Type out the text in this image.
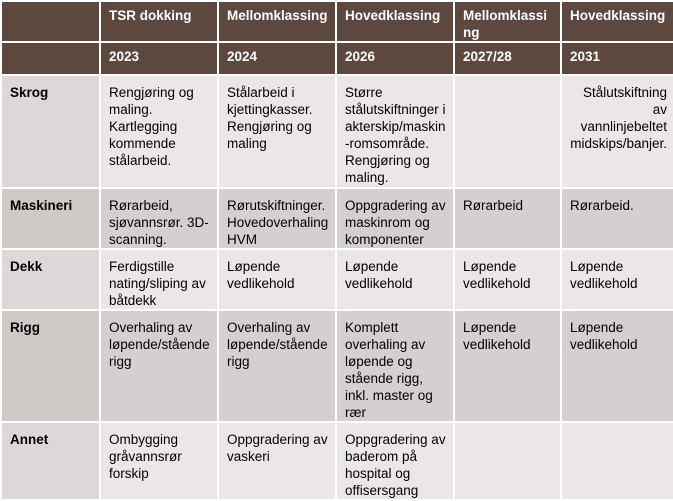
	TSR dokking	Mellomklassing	Hovedklassing	Mellomklassing	Hovedklassing
	2023	2024	2026	2027/28	2031
Skrog	Rengjøring og maling. Kartlegging kommende stålarbeid.	Stålarbeid i kjettingkasser. Rengjøring og maling	Større stålutskiftninger i akterskip/maskin-romsområde. Rengjøring og maling.		Stålutskiftning av vannlinjebeltet midskips/banjer.
Maskineri	Rørarbeid, sjøvannsrør. 3D-scanning.	Rørutskiftninger. Hovedoverhaling HVM	Oppgradering av maskinrom og komponenter	Rørarbeid	Rørarbeid.
Dekk	Ferdigstille nating/sliping av båtdekk	Løpende vedlikehold	Løpende vedlikehold	Løpende vedlikehold	Løpende vedlikehold
Rigg	Overhaling av løpende/stående rigg	Overhaling av løpende/stående rigg	Komplett overhaling av løpende og stående rigg, inkl. master og rær	Løpende vedlikehold	Løpende vedlikehold
Annet	Ombygging gråvannsrør forskip	Oppgradering av vaskeri	Oppgradering av baderom på hospital og offisersgang		
